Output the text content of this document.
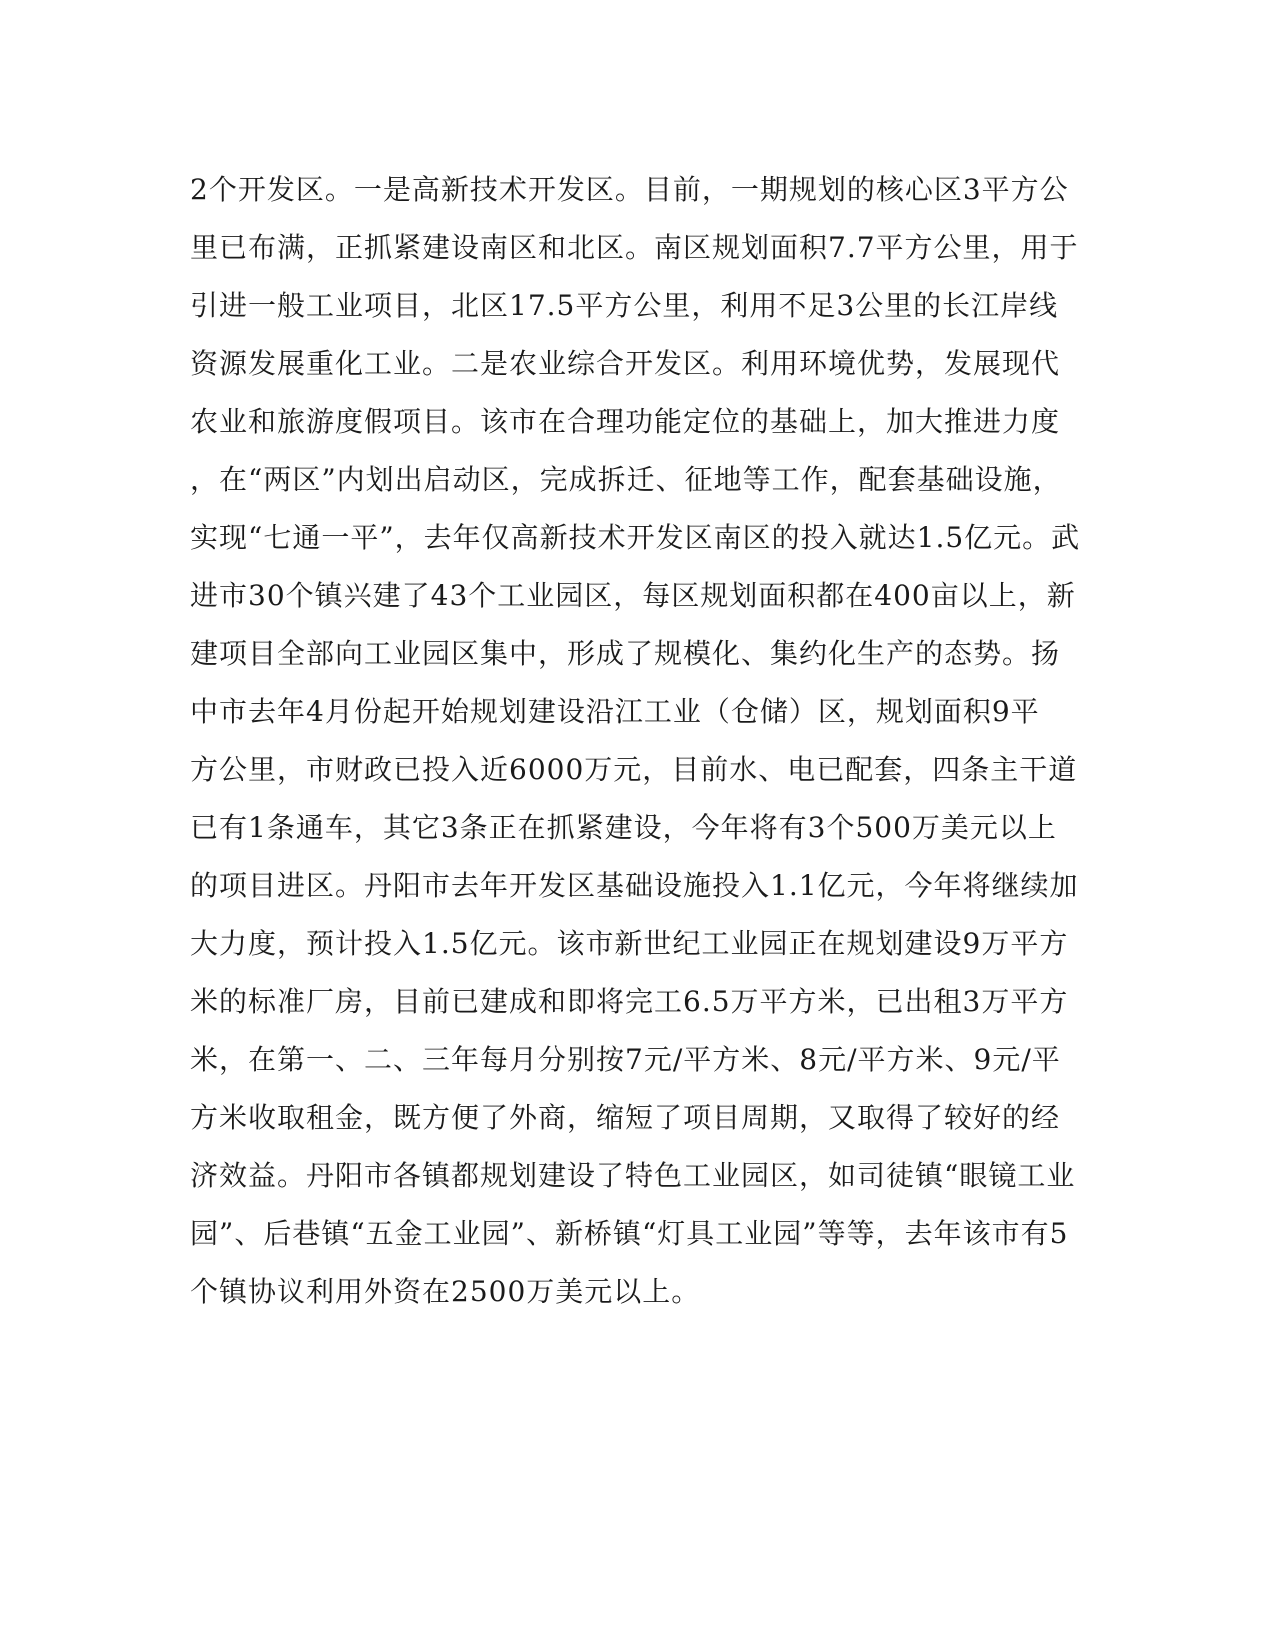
2个开发区。一是高新技术开发区。目前，一期规划的核心区3平方公
里已布满，正抓紧建设南区和北区。南区规划面积7.7平方公里，用于
引进一般工业项目，北区17.5平方公里，利用不足3公里的长江岸线
资源发展重化工业。二是农业综合开发区。利用环境优势，发展现代
农业和旅游度假项目。该市在合理功能定位的基础上，加大推进力度
，在“两区”内划出启动区，完成拆迁、征地等工作，配套基础设施，
实现“七通一平”，去年仅高新技术开发区南区的投入就达1.5亿元。武
进市30个镇兴建了43个工业园区，每区规划面积都在400亩以上，新
建项目全部向工业园区集中，形成了规模化、集约化生产的态势。扬
中市去年4月份起开始规划建设沿江工业（仓储）区，规划面积9平
方公里，市财政已投入近6000万元，目前水、电已配套，四条主干道
已有1条通车，其它3条正在抓紧建设，今年将有3个500万美元以上
的项目进区。丹阳市去年开发区基础设施投入1.1亿元，今年将继续加
大力度，预计投入1.5亿元。该市新世纪工业园正在规划建设9万平方
米的标准厂房，目前已建成和即将完工6.5万平方米，已出租3万平方
米，在第一、二、三年每月分别按7元/平方米、8元/平方米、9元/平
方米收取租金，既方便了外商，缩短了项目周期，又取得了较好的经
济效益。丹阳市各镇都规划建设了特色工业园区，如司徒镇“眼镜工业
园”、后巷镇“五金工业园”、新桥镇“灯具工业园”等等，去年该市有5
个镇协议利用外资在2500万美元以上。
